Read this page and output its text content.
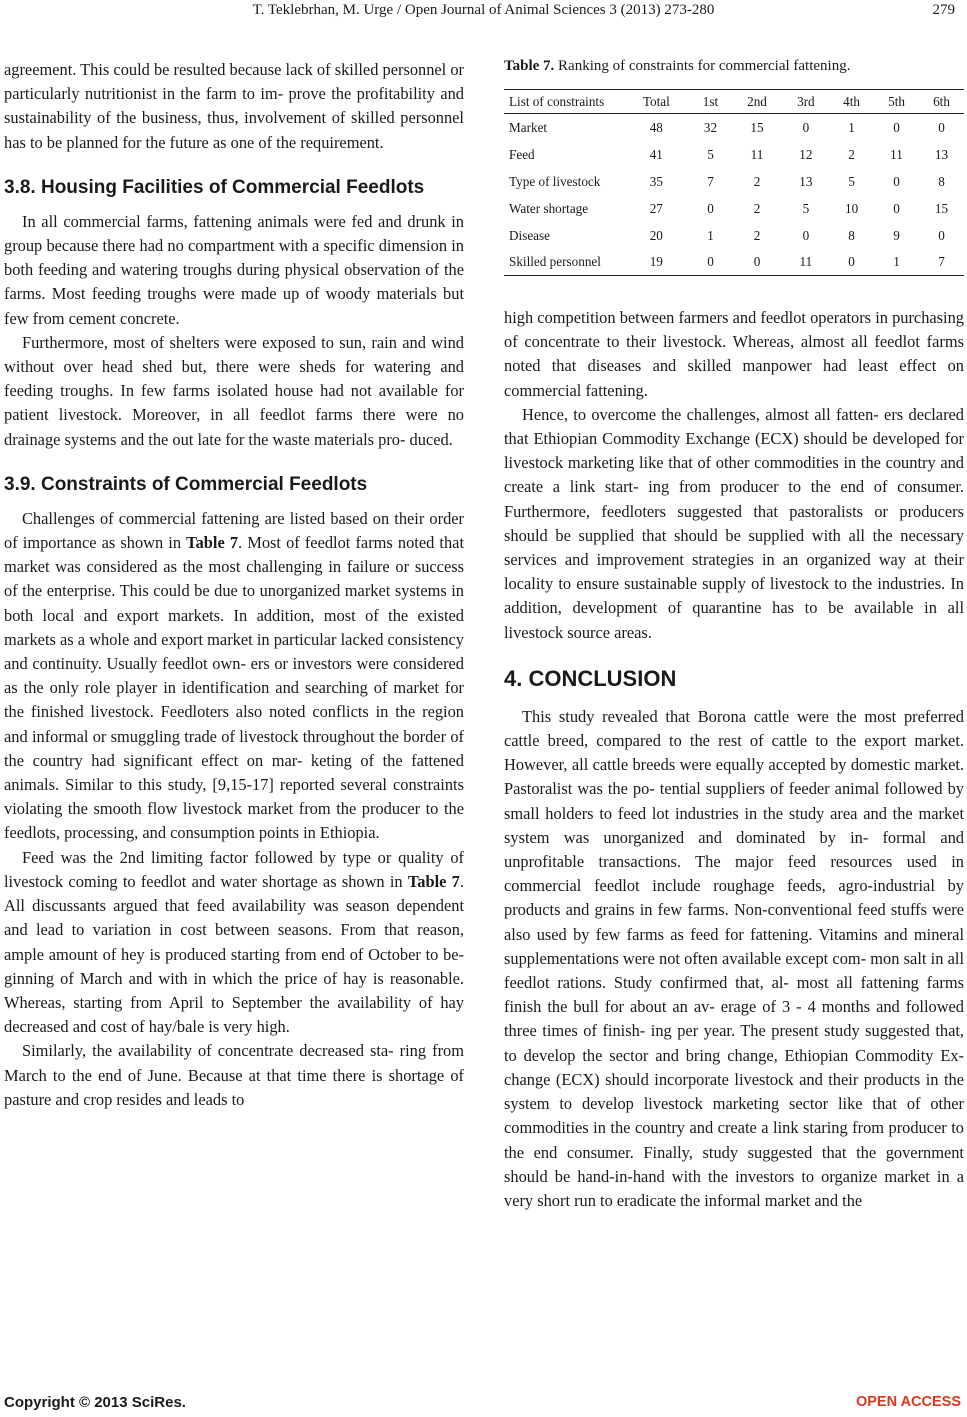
T. Teklebrhan, M. Urge / Open Journal of Animal Sciences 3 (2013) 273-280	279

agreement. This could be resulted because lack of skilled personnel or particularly nutritionist in the farm to im- prove the profitability and sustainability of the business, thus, involvement of skilled personnel has to be planned for the future as one of the requirement.

3.8. Housing Facilities of Commercial Feedlots

In all commercial farms, fattening animals were fed and drunk in group because there had no compartment with a specific dimension in both feeding and watering troughs during physical observation of the farms. Most feeding troughs were made up of woody materials but few from cement concrete.

Furthermore, most of shelters were exposed to sun, rain and wind without over head shed but, there were sheds for watering and feeding troughs. In few farms isolated house had not available for patient livestock. Moreover, in all feedlot farms there were no drainage systems and the out late for the waste materials pro- duced.

3.9. Constraints of Commercial Feedlots

Challenges of commercial fattening are listed based on their order of importance as shown in Table 7. Most of feedlot farms noted that market was considered as the most challenging in failure or success of the enterprise. This could be due to unorganized market systems in both local and export markets. In addition, most of the existed markets as a whole and export market in particular lacked consistency and continuity. Usually feedlot own- ers or investors were considered as the only role player in identification and searching of market for the finished livestock. Feedloters also noted conflicts in the region and informal or smuggling trade of livestock throughout the border of the country had significant effect on mar- keting of the fattened animals. Similar to this study, [9,15-17] reported several constraints violating the smooth flow livestock market from the producer to the feedlots, processing, and consumption points in Ethiopia.

Feed was the 2nd limiting factor followed by type or quality of livestock coming to feedlot and water shortage as shown in Table 7. All discussants argued that feed availability was season dependent and lead to variation in cost between seasons. From that reason, ample amount of hey is produced starting from end of October to be- ginning of March and with in which the price of hay is reasonable. Whereas, starting from April to September the availability of hay decreased and cost of hay/bale is very high.

Similarly, the availability of concentrate decreased sta- ring from March to the end of June. Because at that time there is shortage of pasture and crop resides and leads to

Table 7. Ranking of constraints for commercial fattening.
List of constraints	Total	1st	2nd	3rd	4th	5th	6th
Market	48	32	15	0	1	0	0
Feed	41	5	11	12	2	11	13
Type of livestock	35	7	2	13	5	0	8
Water shortage	27	0	2	5	10	0	15
Disease	20	1	2	0	8	9	0
Skilled personnel	19	0	0	11	0	1	7

high competition between farmers and feedlot operators in purchasing of concentrate to their livestock. Whereas, almost all feedlot farms noted that diseases and skilled manpower had least effect on commercial fattening.

Hence, to overcome the challenges, almost all fatten- ers declared that Ethiopian Commodity Exchange (ECX) should be developed for livestock marketing like that of other commodities in the country and create a link start- ing from producer to the end of consumer. Furthermore, feedloters suggested that pastoralists or producers should be supplied that should be supplied with all the necessary services and improvement strategies in an organized way at their locality to ensure sustainable supply of livestock to the industries. In addition, development of quarantine has to be available in all livestock source areas.

4. CONCLUSION

This study revealed that Borona cattle were the most preferred cattle breed, compared to the rest of cattle to the export market. However, all cattle breeds were equally accepted by domestic market. Pastoralist was the po- tential suppliers of feeder animal followed by small holders to feed lot industries in the study area and the market system was unorganized and dominated by in- formal and unprofitable transactions. The major feed resources used in commercial feedlot include roughage feeds, agro-industrial by products and grains in few farms. Non-conventional feed stuffs were also used by few farms as feed for fattening. Vitamins and mineral supplementations were not often available except com- mon salt in all feedlot rations. Study confirmed that, al- most all fattening farms finish the bull for about an av- erage of 3 - 4 months and followed three times of finish- ing per year. The present study suggested that, to develop the sector and bring change, Ethiopian Commodity Ex- change (ECX) should incorporate livestock and their products in the system to develop livestock marketing sector like that of other commodities in the country and create a link staring from producer to the end consumer. Finally, study suggested that the government should be hand-in-hand with the investors to organize market in a very short run to eradicate the informal market and the

Copyright © 2013 SciRes.	OPEN ACCESS
